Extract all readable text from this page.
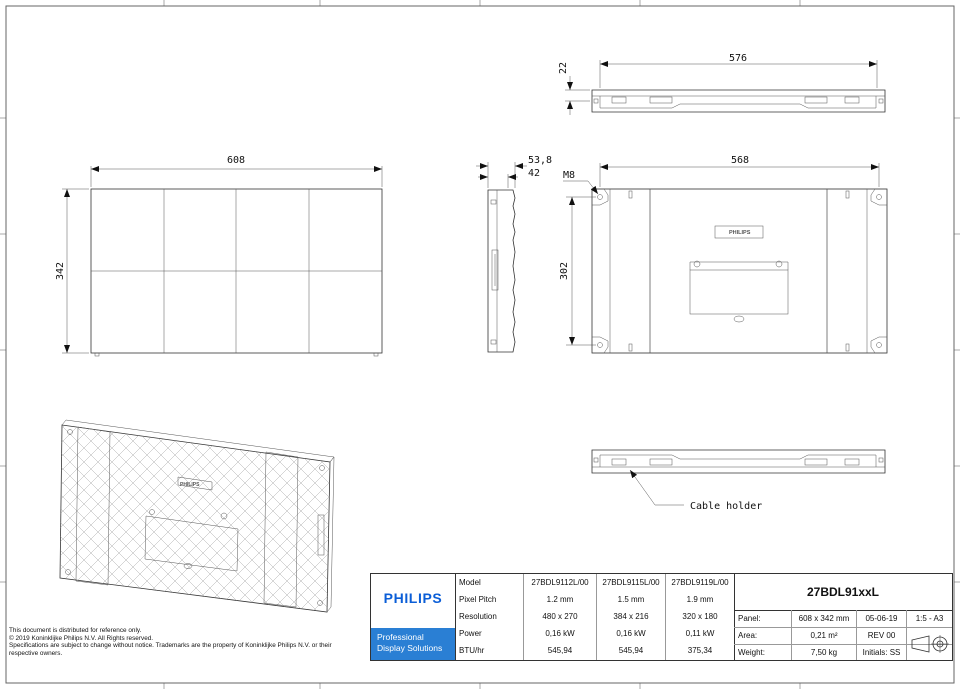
608
342
53,8
42
576
22
PHILIPS
568
302
M8
Cable holder
PHILIPS
This document is distributed for reference only.
© 2019 Koninklijke Philips N.V. All Rights reserved.
Specifications are subject to change without notice. Trademarks are the property of Koninklijke Philips N.V. or their
respective owners.
PHILIPS
Professional
Display Solutions
Model	27BDL9112L/00	27BDL9115L/00	27BDL9119L/00
Pixel Pitch	1.2 mm	1.5 mm	1.9 mm
Resolution	480 x 270	384 x 216	320 x 180
Power	0,16 kW	0,16 kW	0,11 kW
BTU/hr	545,94	545,94	375,34
27BDL91xxL
Panel:	608 x 342 mm	05-06-19	1:5 - A3
Area:	0,21 m²	REV 00
Weight:	7,50 kg	Initials: SS
